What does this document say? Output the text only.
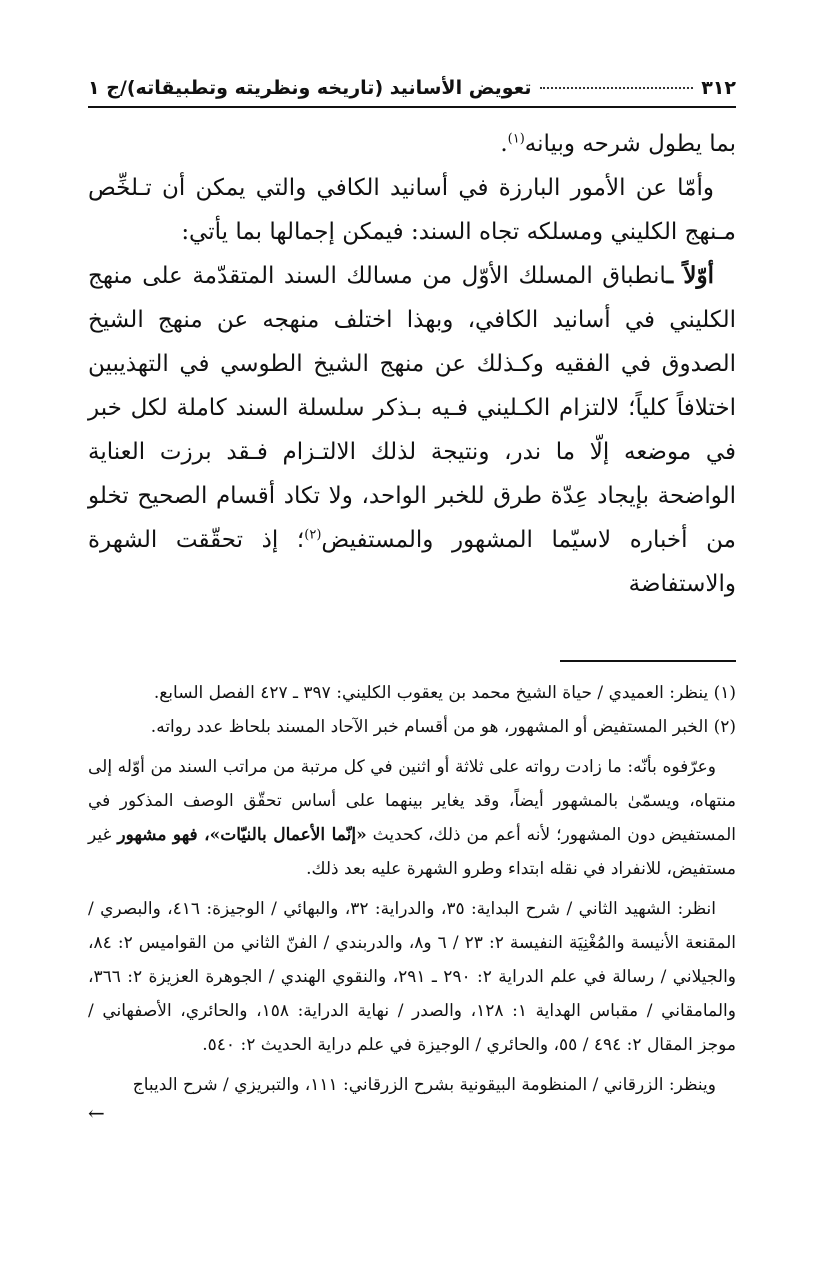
٣١٢
تعويض الأسانيد (تاريخه ونظريته وتطبيقاته)/ج ١

بما يطول شرحه وبيانه$^{(١)}$.

وأمّا عن الأمور البارزة في أسانيد الكافي والتي يمكن أن تـلخِّص مـنهج الكليني ومسلكه تجاه السند: فيمكن إجمالها بما يأتي:

أوّلاً ـانطباق المسلك الأوّل من مسالك السند المتقدّمة على منهج الكليني في أسانيد الكافي، وبهذا اختلف منهجه عن منهج الشيخ الصدوق في الفقيه وكـذلك عن منهج الشيخ الطوسي في التهذيبين اختلافاً كلياً؛ لالتزام الكـليني فـيه بـذكر سلسلة السند كاملة لكل خبر في موضعه إلّا ما ندر، ونتيجة لذلك الالتـزام فـقد برزت العناية الواضحة بإيجاد عِدّة طرق للخبر الواحد، ولا تكاد أقسام الصحيح تخلو من أخباره لاسيّما المشهور والمستفيض$^{(٢)}$؛ إذ تحقّقت الشهرة والاستفاضة

(١) ينظر: العميدي / حياة الشيخ محمد بن يعقوب الكليني: ٣٩٧ ـ ٤٢٧ الفصل السابع.

(٢) الخبر المستفيض أو المشهور، هو من أقسام خبر الآحاد المسند بلحاظ عدد رواته.

وعرّفوه بأنّه: ما زادت رواته على ثلاثة أو اثنين في كل مرتبة من مراتب السند من أوّله إلى منتهاه، ويسمّىٰ بالمشهور أيضاً، وقد يغاير بينهما على أساس تحقّق الوصف المذكور في المستفيض دون المشهور؛ لأنه أعم من ذلك، كحديث «إنّما الأعمال بالنيّات»، فهو مشهور غير مستفيض، للانفراد في نقله ابتداء وطرو الشهرة عليه بعد ذلك.

انظر: الشهيد الثاني / شرح البداية: ٣٥، والدراية: ٣٢، والبهائي / الوجيزة: ٤١٦، والبصري / المقنعة الأنيسة والمُغْنِيَة النفيسة ٢: ٢٣ / ٦ و٨، والدربندي / الفنّ الثاني من القواميس ٢: ٨٤، والجيلاني / رسالة في علم الدراية ٢: ٢٩٠ ـ ٢٩١، والنقوي الهندي / الجوهرة العزيزة ٢: ٣٦٦، والمامقاني / مقباس الهداية ١: ١٢٨، والصدر / نهاية الدراية: ١٥٨، والحائري، الأصفهاني / موجز المقال ٢: ٤٩٤ / ٥٥، والحائري / الوجيزة في علم دراية الحديث ٢: ٥٤٠.

وينظر: الزرقاني / المنظومة البيقونية بشرح الزرقاني: ١١١، والتبريزي / شرح الديباج

←
